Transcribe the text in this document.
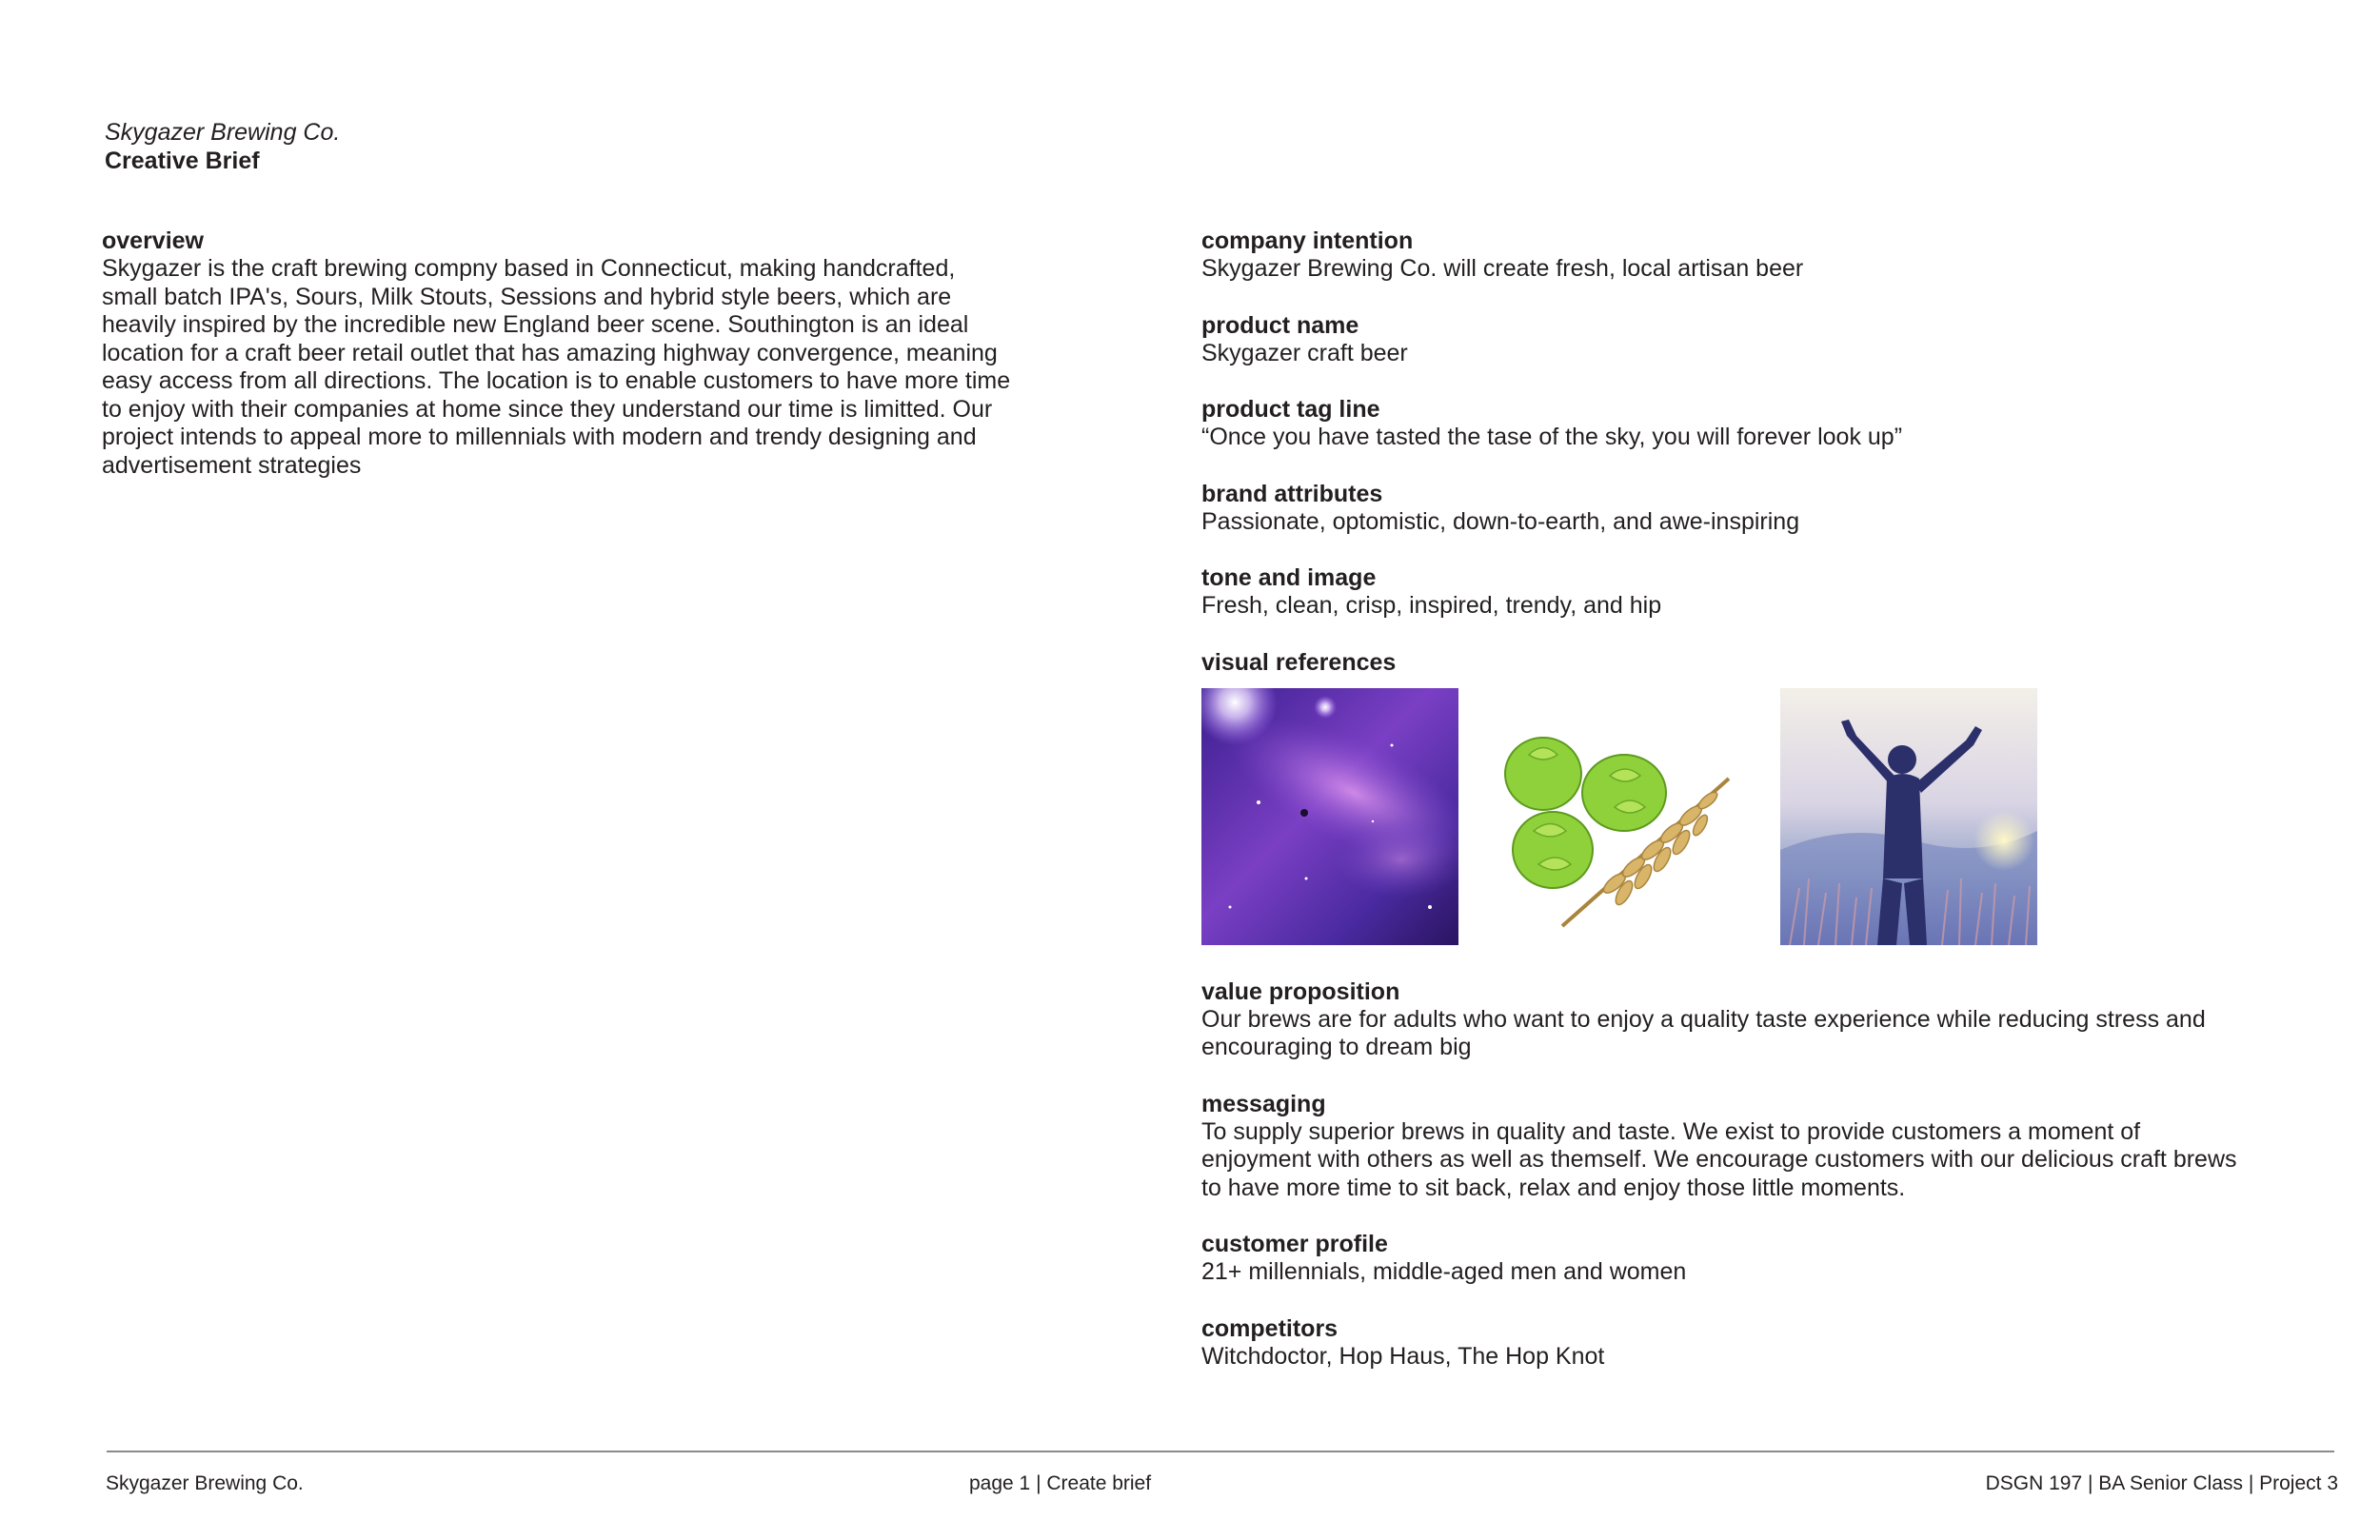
Skygazer Brewing Co.
Creative Brief
overview

Skygazer is the craft brewing compny based in Connecticut, making handcrafted, small batch IPA's, Sours, Milk Stouts, Sessions and hybrid style beers, which are heavily inspired by the incredible new England beer scene. Southington is an ideal location for a craft beer retail outlet that has amazing highway convergence, meaning easy access from all directions. The location is to enable customers to have more time to enjoy with their companies at home since they understand our time is limitted. Our project intends to appeal more to millennials with modern and trendy designing and advertisement strategies

company intention

Skygazer Brewing Co. will create fresh, local artisan beer

product name

Skygazer craft beer

product tag line

“Once you have tasted the tase of the sky, you will forever look up”

brand attributes

Passionate, optomistic, down-to-earth, and awe-inspiring

tone and image

Fresh, clean, crisp, inspired, trendy, and hip

visual references
value proposition

Our brews are for adults who want to enjoy a quality taste experience while reducing stress and encouraging to dream big

messaging

To supply superior brews in quality and taste. We exist to provide customers a moment of enjoyment with others as well as themself. We encourage customers with our delicious craft brews to have more time to sit back, relax and enjoy those little moments.

customer profile

21+ millennials, middle-aged men and women

competitors

Witchdoctor, Hop Haus, The Hop Knot

Skygazer Brewing Co.	page 1 | Create brief	DSGN 197 | BA Senior Class | Project 3
